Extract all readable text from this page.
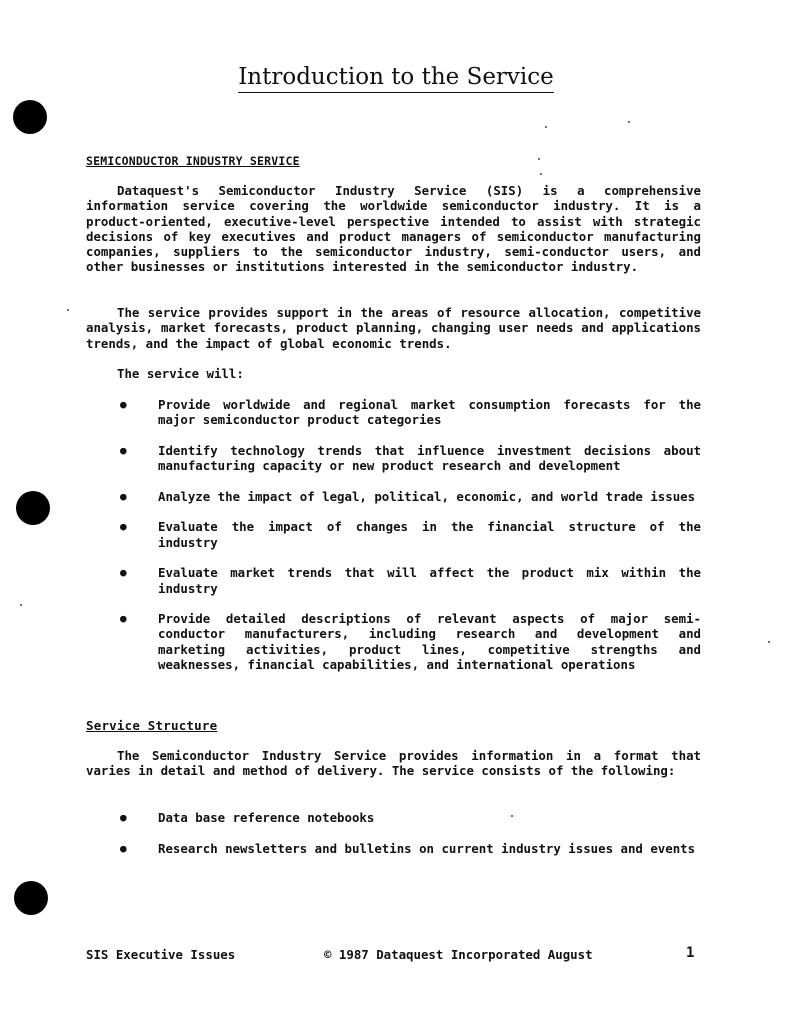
Introduction to the Service
SEMICONDUCTOR INDUSTRY SERVICE

Dataquest's Semiconductor Industry Service (SIS) is a comprehensive information service covering the worldwide semiconductor industry. It is a product-oriented, executive-level perspective intended to assist with strategic decisions of key executives and product managers of semiconductor manufacturing companies, suppliers to the semiconductor industry, semi-conductor users, and other businesses or institutions interested in the semiconductor industry.

The service provides support in the areas of resource allocation, competitive analysis, market forecasts, product planning, changing user needs and applications trends, and the impact of global economic trends.

The service will:

●	Provide worldwide and regional market consumption forecasts for the major semiconductor product categories
●	Identify technology trends that influence investment decisions about manufacturing capacity or new product research and development
●	Analyze the impact of legal, political, economic, and world trade issues
●	Evaluate the impact of changes in the financial structure of the industry
●	Evaluate market trends that will affect the product mix within the industry
●	Provide detailed descriptions of relevant aspects of major semi-conductor manufacturers, including research and development and marketing activities, product lines, competitive strengths and weaknesses, financial capabilities, and international operations
Service Structure

The Semiconductor Industry Service provides information in a format that varies in detail and method of delivery. The service consists of the following:

●	Data base reference notebooks
●	Research newsletters and bulletins on current industry issues and events

SIS Executive Issues	© 1987 Dataquest Incorporated August	1
